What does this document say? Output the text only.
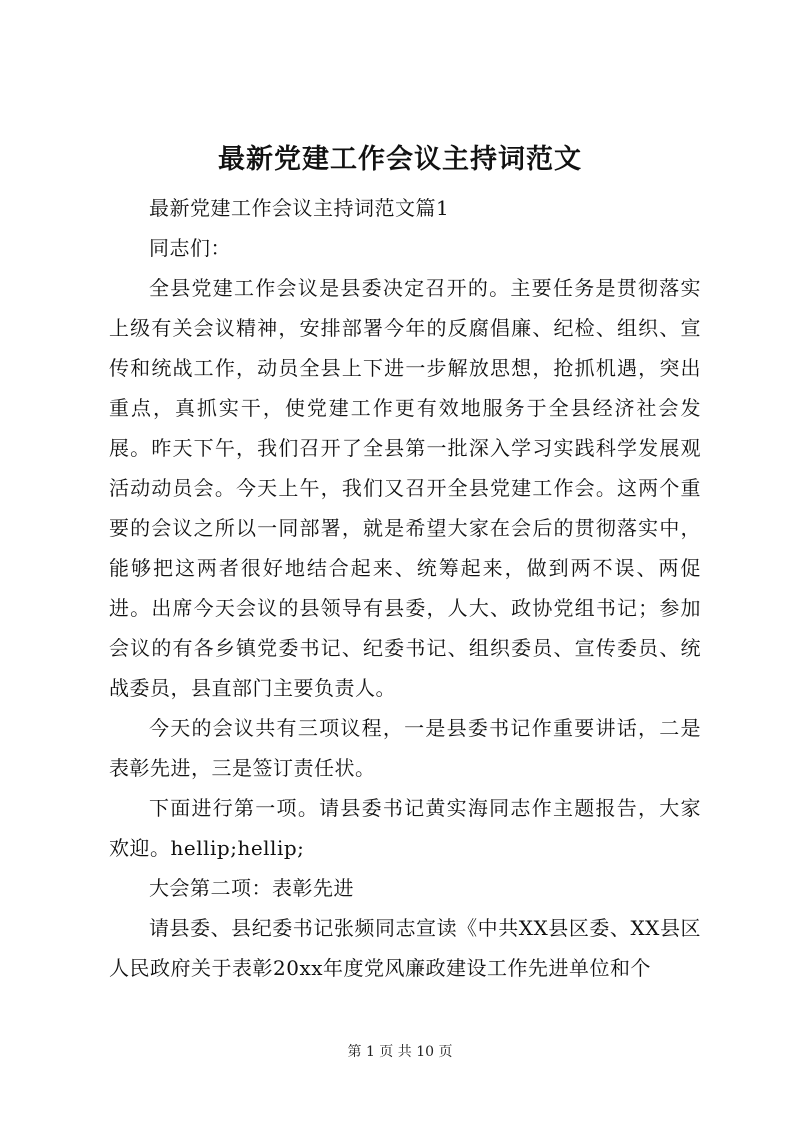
最新党建工作会议主持词范文

最新党建工作会议主持词范文篇1

同志们：

全县党建工作会议是县委决定召开的。主要任务是贯彻落实上级有关会议精神，安排部署今年的反腐倡廉、纪检、组织、宣传和统战工作，动员全县上下进一步解放思想，抢抓机遇，突出重点，真抓实干，使党建工作更有效地服务于全县经济社会发展。昨天下午，我们召开了全县第一批深入学习实践科学发展观活动动员会。今天上午，我们又召开全县党建工作会。这两个重要的会议之所以一同部署，就是希望大家在会后的贯彻落实中，能够把这两者很好地结合起来、统筹起来，做到两不误、两促进。出席今天会议的县领导有县委，人大、政协党组书记；参加会议的有各乡镇党委书记、纪委书记、组织委员、宣传委员、统战委员，县直部门主要负责人。

今天的会议共有三项议程，一是县委书记作重要讲话，二是表彰先进，三是签订责任状。

下面进行第一项。请县委书记黄实海同志作主题报告，大家欢迎。hellip;hellip;

大会第二项：表彰先进

请县委、县纪委书记张频同志宣读《中共XX县区委、XX县区人民政府关于表彰20xx年度党风廉政建设工作先进单位和个

第 1 页 共 10 页
